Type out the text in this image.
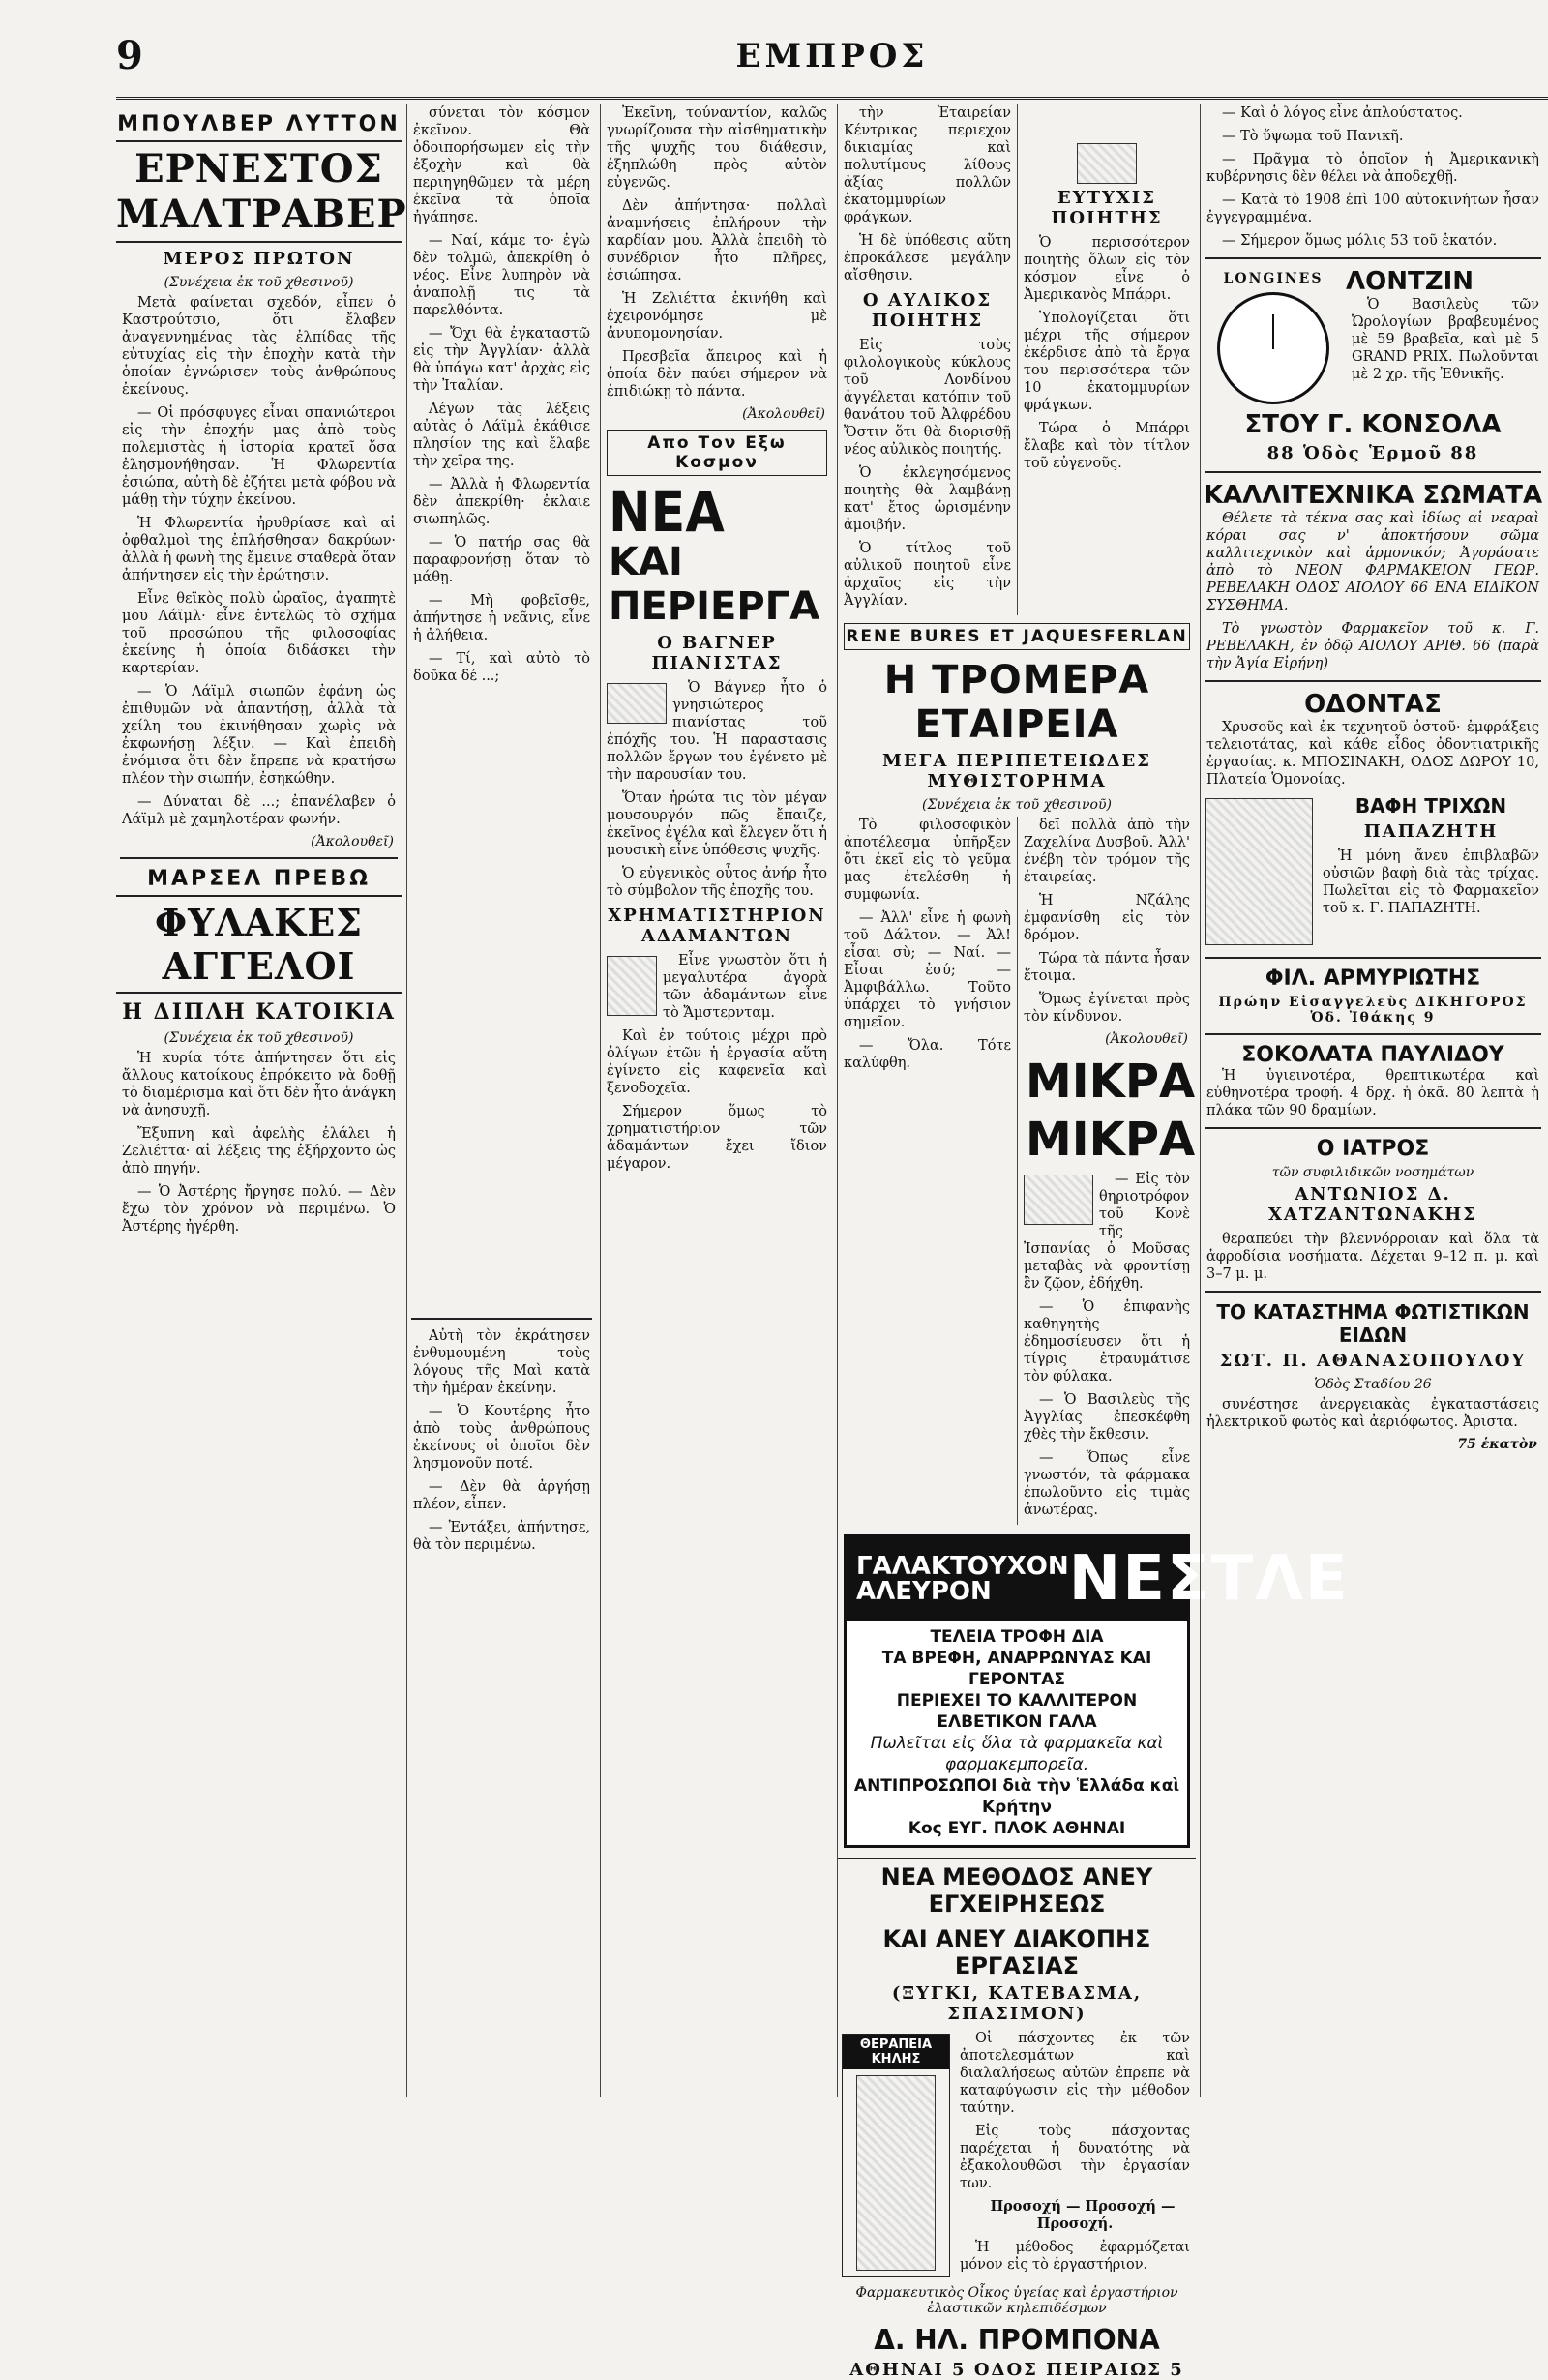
9	ΕΜΠΡΟΣ
ΜΠΟΥΛΒΕΡ ΛΥΤΤΟΝ
ΕΡΝΕΣΤΟΣ ΜΑΛΤΡΑΒΕΡ
ΜΕΡΟΣ ΠΡΩΤΟΝ
(Συνέχεια ἐκ τοῦ χθεσινοῦ)

Μετὰ φαίνεται σχεδόν, εἶπεν ὁ Καστρούτσιο, ὅτι ἔλαβεν ἀναγεννημένας τὰς ἐλπίδας τῆς εὐτυχίας εἰς τὴν ἐποχὴν κατὰ τὴν ὁποίαν ἐγνώρισεν τοὺς ἀνθρώπους ἐκείνους.

— Οἱ πρόσφυγες εἶναι σπανιώτεροι εἰς τὴν ἐποχήν μας ἀπὸ τοὺς πολεμιστὰς ἡ ἱστορία κρατεῖ ὅσα ἐλησμονήθησαν. Ἡ Φλωρεντία ἐσιώπα, αὐτὴ δὲ ἐζήτει μετὰ φόβου νὰ μάθῃ τὴν τύχην ἐκείνου.

Ἡ Φλωρεντία ἠρυθρίασε καὶ αἱ ὀφθαλμοὶ της ἐπλήσθησαν δακρύων· ἀλλὰ ἡ φωνὴ της ἔμεινε σταθερὰ ὅταν ἀπήντησεν εἰς τὴν ἐρώτησιν.

Εἶνε θεϊκὸς πολὺ ὡραῖος, ἀγαπητὲ μου Λάϊμλ· εἶνε ἐντελῶς τὸ σχῆμα τοῦ προσώπου τῆς φιλοσοφίας ἐκείνης ἡ ὁποία διδάσκει τὴν καρτερίαν.

— Ὁ Λάϊμλ σιωπῶν ἐφάνη ὡς ἐπιθυμῶν νὰ ἀπαντήσῃ, ἀλλὰ τὰ χείλη του ἐκινήθησαν χωρὶς νὰ ἐκφωνήσῃ λέξιν. — Καὶ ἐπειδὴ ἐνόμισα ὅτι δὲν ἔπρεπε νὰ κρατήσω πλέον τὴν σιωπήν, ἐσηκώθην.

— Δύναται δὲ ...; ἐπανέλαβεν ὁ Λάϊμλ μὲ χαμηλοτέραν φωνήν.

(Ἀκολουθεῖ)
ΜΑΡΣΕΛ ΠΡΕΒΩ
ΦΥΛΑΚΕΣ ΑΓΓΕΛΟΙ
Η ΔΙΠΛΗ ΚΑΤΟΙΚΙΑ
(Συνέχεια ἐκ τοῦ χθεσινοῦ)

Ἡ κυρία τότε ἀπήντησεν ὅτι εἰς ἄλλους κατοίκους ἐπρόκειτο νὰ δοθῇ τὸ διαμέρισμα καὶ ὅτι δὲν ἦτο ἀνάγκη νὰ ἀνησυχῇ.

Ἔξυπνη καὶ ἀφελὴς ἐλάλει ἡ Ζελιέττα· αἱ λέξεις της ἐξήρχοντο ὡς ἀπὸ πηγήν.

— Ὁ Ἀστέρης ἤργησε πολύ. — Δὲν ἔχω τὸν χρόνον νὰ περιμένω. Ὁ Ἀστέρης ἠγέρθη.

σύνεται τὸν κόσμον ἐκεῖνον. Θὰ ὁδοιπορήσωμεν εἰς τὴν ἐξοχὴν καὶ θὰ περιηγηθῶμεν τὰ μέρη ἐκεῖνα τὰ ὁποῖα ἠγάπησε.

— Ναί, κάμε το· ἐγὼ δὲν τολμῶ, ἀπεκρίθη ὁ νέος. Εἶνε λυπηρὸν νὰ ἀναπολῇ τις τὰ παρελθόντα.

— Ὄχι θὰ ἐγκαταστῶ εἰς τὴν Ἀγγλίαν· ἀλλὰ θὰ ὑπάγω κατ' ἀρχὰς εἰς τὴν Ἰταλίαν.

Λέγων τὰς λέξεις αὐτὰς ὁ Λάϊμλ ἐκάθισε πλησίον της καὶ ἔλαβε τὴν χεῖρα της.

— Ἀλλὰ ἡ Φλωρεντία δὲν ἀπεκρίθη· ἐκλαιε σιωπηλῶς.

— Ὁ πατήρ σας θὰ παραφρονήσῃ ὅταν τὸ μάθῃ.

— Μὴ φοβεῖσθε, ἀπήντησε ἡ νεᾶνις, εἶνε ἡ ἀλήθεια.

— Τί, καὶ αὐτὸ τὸ δοῦκα δέ ...;

Αὐτὴ τὸν ἐκράτησεν ἐνθυμουμένη τοὺς λόγους τῆς Μαὶ κατὰ τὴν ἡμέραν ἐκείνην.

— Ὁ Κουτέρης ἦτο ἀπὸ τοὺς ἀνθρώπους ἐκείνους οἱ ὁποῖοι δὲν λησμονοῦν ποτέ.

— Δὲν θὰ ἀργήσῃ πλέον, εἶπεν.

— Ἐντάξει, ἀπήντησε, θὰ τὸν περιμένω.

Ἐκεῖνη, τούναντίον, καλῶς γνωρίζουσα τὴν αἰσθηματικὴν τῆς ψυχῆς του διάθεσιν, ἐξηπλώθη πρὸς αὐτὸν εὐγενῶς.

Δὲν ἀπήντησα· πολλαὶ ἀναμνήσεις ἐπλήρουν τὴν καρδίαν μου. Ἀλλὰ ἐπειδὴ τὸ συνέδριον ἦτο πλῆρες, ἐσιώπησα.

Ἡ Ζελιέττα ἐκινήθη καὶ ἐχειρονόμησε μὲ ἀνυπομονησίαν.

Πρεσβεῖα ἄπειρος καὶ ἡ ὁποία δὲν παύει σήμερον νὰ ἐπιδιώκῃ τὸ πάντα.

(Ἀκολουθεῖ)
Απο Τον Εξω Κοσμον
ΝΕΑ
ΚΑΙ ΠΕΡΙΕΡΓΑ
Ο ΒΑΓΝΕΡ ΠΙΑΝΙΣΤΑΣ

Ὁ Βάγνερ ἦτο ὁ γνησιώτερος πιανίστας τοῦ ἐπόχῆς του. Ἡ παραστασις πολλῶν ἔργων του ἐγένετο μὲ τὴν παρουσίαν του.

Ὅταν ἠρώτα τις τὸν μέγαν μουσουργόν πῶς ἔπαιζε, ἐκεῖνος ἐγέλα καὶ ἔλεγεν ὅτι ἡ μουσικὴ εἶνε ὑπόθεσις ψυχῆς.

Ὁ εὐγενικὸς οὗτος ἀνήρ ἦτο τὸ σύμβολον τῆς ἐποχῆς του.

ΧΡΗΜΑΤΙΣΤΗΡΙΟΝ ΑΔΑΜΑΝΤΩΝ

Εἶνε γνωστὸν ὅτι ἡ μεγαλυτέρα ἀγορὰ τῶν ἀδαμάντων εἶνε τὸ Ἄμστερνταμ.

Καὶ ἐν τούτοις μέχρι πρὸ ὀλίγων ἐτῶν ἡ ἐργασία αὕτη ἐγίνετο εἰς καφενεῖα καὶ ξενοδοχεῖα.

Σήμερον ὅμως τὸ χρηματιστήριον τῶν ἀδαμάντων ἔχει ἴδιον μέγαρον.

τὴν Ἐταιρείαν Κέντρικας περιεχον δικιαμίας καὶ πολυτίμους λίθους ἀξίας πολλῶν ἑκατομμυρίων φράγκων.

Ἡ δὲ ὑπόθεσις αὕτη ἐπροκάλεσε μεγάλην αἴσθησιν.

Ο ΑΥΛΙΚΟΣ ΠΟΙΗΤΗΣ

Εἰς τοὺς φιλολογικοὺς κύκλους τοῦ Λονδίνου ἀγγέλεται κατόπιν τοῦ θανάτου τοῦ Ἀλφρέδου Ὄστιν ὅτι θὰ διορισθῇ νέος αὐλικὸς ποιητής.

Ὁ ἐκλεγησόμενος ποιητὴς θὰ λαμβάνῃ κατ' ἔτος ὡρισμένην ἀμοιβήν.

Ὁ τίτλος τοῦ αὐλικοῦ ποιητοῦ εἶνε ἀρχαῖος εἰς τὴν Ἀγγλίαν.

ΕΥΤΥΧΙΣ ΠΟΙΗΤΗΣ

Ὁ περισσότερον ποιητὴς ὅλων εἰς τὸν κόσμον εἶνε ὁ Ἀμερικανὸς Μπάρρι.

Ὑπολογίζεται ὅτι μέχρι τῆς σήμερον ἐκέρδισε ἀπὸ τὰ ἔργα του περισσότερα τῶν 10 ἑκατομμυρίων φράγκων.

Τώρα ὁ Μπάρρι ἔλαβε καὶ τὸν τίτλον τοῦ εὐγενοῦς.

RENE BURES ET JAQUESFERLAN
Η ΤΡΟΜΕΡΑ ΕΤΑΙΡΕΙΑ
ΜΕΓΑ ΠΕΡΙΠΕΤΕΙΩΔΕΣ ΜΥΘΙΣΤΟΡΗΜΑ
(Συνέχεια ἐκ τοῦ χθεσινοῦ)

Τὸ φιλοσοφικὸν ἀποτέλεσμα ὑπῆρξεν ὅτι ἐκεῖ εἰς τὸ γεῦμα μας ἐτελέσθη ἡ συμφωνία.

— Ἀλλ' εἶνε ἡ φωνὴ τοῦ Δάλτον. — Ἀλ! εἶσαι σὺ; — Ναί. — Εἶσαι ἐσύ; — Ἀμφιβάλλω. Τοῦτο ὑπάρχει τὸ γνήσιον σημεῖον.

— Ὄλα. Τότε καλύφθη.

δεῖ πολλὰ ἀπὸ τὴν Ζαχελίνα Δυσβοῦ. Ἀλλ' ἐνέβη τὸν τρόμον τῆς ἐταιρείας.

Ἡ Νζάλης ἐμφανίσθη εἰς τὸν δρόμον.

Τώρα τὰ πάντα ἦσαν ἕτοιμα.

Ὅμως ἐγίνεται πρὸς τὸν κίνδυνον.

(Ἀκολουθεῖ)
ΜΙΚΡΑ
ΜΙΚΡΑ

— Εἰς τὸν θηριοτρόφον τοῦ Κονὲ τῆς Ἰσπανίας ὁ Μοῦσας μεταβὰς νὰ φροντίσῃ ἓν ζῷον, ἐδήχθη.

— Ὁ ἐπιφανὴς καθηγητὴς ἐδημοσίευσεν ὅτι ἡ τίγρις ἐτραυμάτισε τὸν φύλακα.

— Ὁ Βασιλεὺς τῆς Ἀγγλίας ἐπεσκέφθη χθὲς τὴν ἔκθεσιν.

— Ὅπως εἶνε γνωστόν, τὰ φάρμακα ἐπωλοῦντο εἰς τιμὰς ἀνωτέρας.

ΓΑΛΑΚΤΟΥΧΟΝ
ΑΛΕΥΡΟΝ	ΝΕΣΤΛΕ
ΤΕΛΕΙΑ ΤΡΟΦΗ ΔΙΑ
ΤΑ ΒΡΕΦΗ, ΑΝΑΡΡΩΝΥΑΣ ΚΑΙ ΓΕΡΟΝΤΑΣ
ΠΕΡΙΕΧΕΙ ΤΟ ΚΑΛΛΙΤΕΡΟΝ ΕΛΒΕΤΙΚΟΝ ΓΑΛΑ
Πωλεῖται εἰς ὅλα τὰ φαρμακεῖα καὶ φαρμακεμπορεῖα.
ΑΝΤΙΠΡΟΣΩΠΟΙ διὰ τὴν Ἑλλάδα καὶ Κρήτην
Κος ΕΥΓ. ΠΛΟΚ ΑΘΗΝΑΙ
ΝΕΑ ΜΕΘΟΔΟΣ ΑΝΕΥ ΕΓΧΕΙΡΗΣΕΩΣ
ΚΑΙ ΑΝΕΥ ΔΙΑΚΟΠΗΣ ΕΡΓΑΣΙΑΣ
(ΞΥΓΚΙ, ΚΑΤΕΒΑΣΜΑ, ΣΠΑΣΙΜΟΝ)
ΘΕΡΑΠΕΙΑ ΚΗΛΗΣ

Οἱ πάσχοντες ἐκ τῶν ἀποτελεσμάτων καὶ διαλαλήσεως αὐτῶν ἐπρεπε νὰ καταφύγωσιν εἰς τὴν μέθοδον ταύτην.

Εἰς τοὺς πάσχοντας παρέχεται ἡ δυνατότης νὰ ἐξακολουθῶσι τὴν ἐργασίαν των.

Προσοχή — Προσοχή — Προσοχή.

Ἡ μέθοδος ἐφαρμόζεται μόνον εἰς τὸ ἐργαστήριον.

Φαρμακευτικὸς Οἶκος ὑγείας καὶ ἐργαστήριον ἐλαστικῶν κηλεπιδέσμων
Δ. ΗΛ. ΠΡΟΜΠΟΝΑ
ΑΘΗΝΑΙ 5 ΟΔΟΣ ΠΕΙΡΑΙΩΣ 5

— Καὶ ὁ λόγος εἶνε ἀπλούστατος.

— Τὸ ὕψωμα τοῦ Πανικῆ.

— Πρᾶγμα τὸ ὁποῖον ἡ Ἀμερικανικὴ κυβέρνησις δὲν θέλει νὰ ἀποδεχθῇ.

— Κατὰ τὸ 1908 ἐπὶ 100 αὐτοκινήτων ἦσαν ἐγγεγραμμένα.

— Σήμερον ὅμως μόλις 53 τοῦ ἑκατόν.

LONGINES ΛΟΝΤΖΙΝ

Ὁ Βασιλεὺς τῶν Ὡρολογίων βραβευμένος μὲ 59 βραβεῖα, καὶ μὲ 5 GRAND PRIX. Πωλοῦνται μὲ 2 χρ. τῆς Ἐθνικῆς.

ΣΤΟΥ Γ. ΚΟΝΣΟΛΑ
88 Ὁδὸς Ἑρμοῦ 88
ΚΑΛΛΙΤΕΧΝΙΚΑ ΣΩΜΑΤΑ

Θέλετε τὰ τέκνα σας καὶ ἰδίως αἱ νεαραὶ κόραι σας ν' ἀποκτήσουν σῶμα καλλιτεχνικὸν καὶ ἁρμονικόν; Ἀγοράσατε ἀπὸ τὸ ΝΕΟΝ ΦΑΡΜΑΚΕΙΟΝ ΓΕΩΡ. ΡΕΒΕΛΑΚΗ ΟΔΟΣ ΑΙΟΛΟΥ 66 ΕΝΑ ΕΙΔΙΚΟΝ ΣΥΣΘΗΜΑ.

Τὸ γνωστὸν Φαρμακεῖον τοῦ κ. Γ. ΡΕΒΕΛΑΚΗ, ἐν ὁδῷ ΑΙΟΛΟΥ ΑΡΙΘ. 66 (παρὰ τὴν Ἁγία Εἰρήνη)

ΟΔΟΝΤΑΣ

Χρυσοῦς καὶ ἐκ τεχνητοῦ ὀστοῦ· ἐμφράξεις τελειοτάτας, καὶ κάθε εἶδος ὀδοντιατρικῆς ἐργασίας. κ. ΜΠΟΣΙΝΑΚΗ, ΟΔΟΣ ΔΩΡΟΥ 10, Πλατεία Ὁμονοίας.

ΒΑΦΗ ΤΡΙΧΩΝ
ΠΑΠΑΖΗΤΗ

Ἡ μόνη ἄνευ ἐπιβλαβῶν οὐσιῶν βαφὴ διὰ τὰς τρίχας. Πωλεῖται εἰς τὸ Φαρμακεῖον τοῦ κ. Γ. ΠΑΠΑΖΗΤΗ.

ΦΙΛ. ΑΡΜΥΡΙΩΤΗΣ
Πρώην Εἰσαγγελεὺς ΔΙΚΗΓΟΡΟΣ Ὁδ. Ἰθάκης 9
ΣΟΚΟΛΑΤΑ ΠΑΥΛΙΔΟΥ

Ἡ ὑγιεινοτέρα, θρεπτικωτέρα καὶ εὐθηνοτέρα τροφή. 4 δρχ. ἡ ὀκᾶ. 80 λεπτὰ ἡ πλάκα τῶν 90 δραμίων.

Ο ΙΑΤΡΟΣ
τῶν συφιλιδικῶν νοσημάτων
ΑΝΤΩΝΙΟΣ Δ. ΧΑΤΖΑΝΤΩΝΑΚΗΣ

θεραπεύει τὴν βλεννόρροιαν καὶ ὅλα τὰ ἀφροδίσια νοσήματα. Δέχεται 9–12 π. μ. καὶ 3–7 μ. μ.

ΤΟ ΚΑΤΑΣΤΗΜΑ ΦΩΤΙΣΤΙΚΩΝ ΕΙΔΩΝ
ΣΩΤ. Π. ΑΘΑΝΑΣΟΠΟΥΛΟΥ
Ὁδὸς Σταδίου 26

συνέστησε ἀνεργειακὰς ἐγκαταστάσεις ἠλεκτρικοῦ φωτὸς καὶ ἀεριόφωτος. Ἀριστα.

75 ἑκατὸν
